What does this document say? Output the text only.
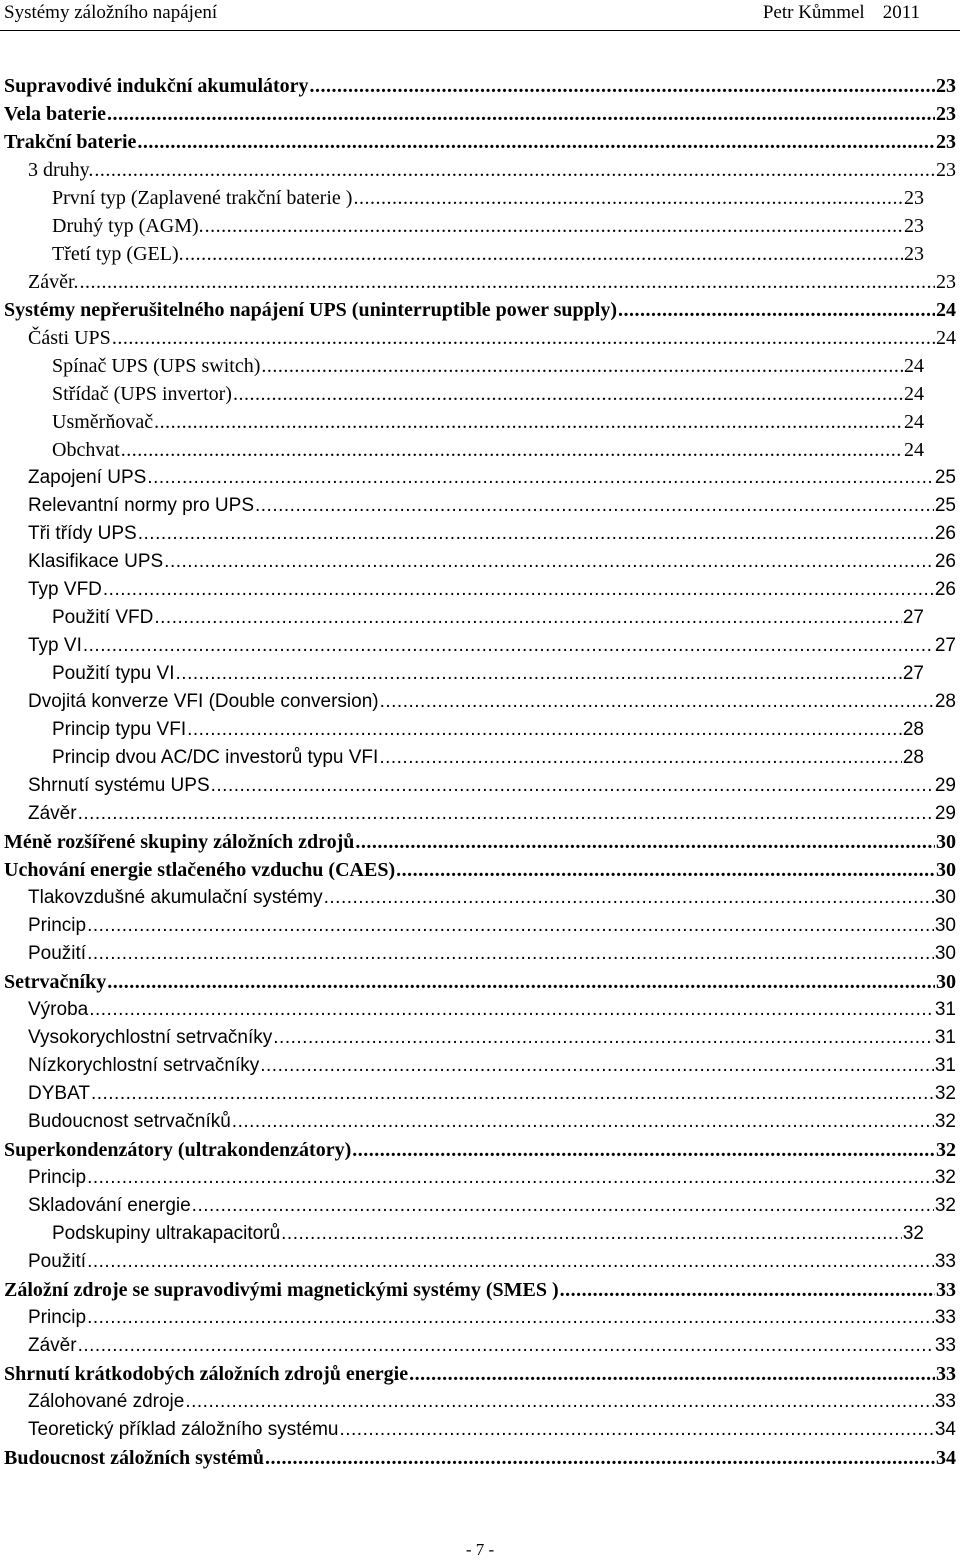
Systémy záložního napájení	Petr Kůmmel 2011
Supravodivé indukční akumulátory .....	23
Vela baterie .....	23
Trakční baterie .....	23
3 druhy. .....	23
První typ (Zaplavené trakční baterie ) .....	23
Druhý typ (AGM). .....	23
Třetí typ (GEL). .....	23
Závěr. .....	23
Systémy nepřerušitelného napájení UPS (uninterruptible power supply) .....	24
Části UPS .....	24
Spínač UPS (UPS switch) .....	24
Střídač (UPS invertor) .....	24
Usměrňovač .....	24
Obchvat .....	24
Zapojení UPS .....	25
Relevantní normy pro UPS .....	25
Tři třídy UPS .....	26
Klasifikace UPS .....	26
Typ VFD .....	26
Použití VFD .....	27
Typ VI .....	27
Použití typu VI .....	27
Dvojitá konverze VFI (Double conversion) .....	28
Princip typu VFI .....	28
Princip dvou AC/DC investorů typu VFI .....	28
Shrnutí systému UPS .....	29
Závěr .....	29
Méně rozšířené skupiny záložních zdrojů .....	30
Uchování energie stlačeného vzduchu (CAES) .....	30
Tlakovzdušné akumulační systémy .....	30
Princip .....	30
Použití .....	30
Setrvačníky .....	30
Výroba .....	31
Vysokorychlostní setrvačníky .....	31
Nízkorychlostní setrvačníky .....	31
DYBAT .....	32
Budoucnost setrvačníků .....	32
Superkondenzátory (ultrakondenzátory) .....	32
Princip .....	32
Skladování energie .....	32
Podskupiny ultrakapacitorů .....	32
Použití .....	33
Záložní zdroje se supravodivými magnetickými systémy (SMES ) .....	33
Princip .....	33
Závěr .....	33
Shrnutí krátkodobých záložních zdrojů energie .....	33
Zálohované zdroje .....	33
Teoretický příklad záložního systému .....	34
Budoucnost záložních systémů .....	34
- 7 -
